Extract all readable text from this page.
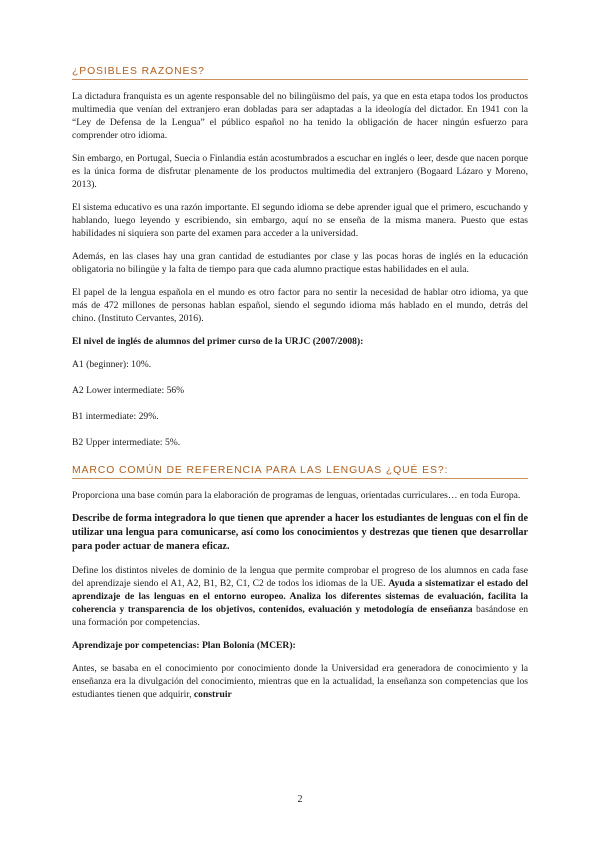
¿POSIBLES RAZONES?

La dictadura franquista es un agente responsable del no bilingüismo del país, ya que en esta etapa todos los productos multimedia que venían del extranjero eran dobladas para ser adaptadas a la ideología del dictador. En 1941 con la “Ley de Defensa de la Lengua” el público español no ha tenido la obligación de hacer ningún esfuerzo para comprender otro idioma.

Sin embargo, en Portugal, Suecia o Finlandia están acostumbrados a escuchar en inglés o leer, desde que nacen porque es la única forma de disfrutar plenamente de los productos multimedia del extranjero (Bogaard Lázaro y Moreno, 2013).

El sistema educativo es una razón importante. El segundo idioma se debe aprender igual que el primero, escuchando y hablando, luego leyendo y escribiendo, sin embargo, aquí no se enseña de la misma manera. Puesto que estas habilidades ni siquiera son parte del examen para acceder a la universidad.

Además, en las clases hay una gran cantidad de estudiantes por clase y las pocas horas de inglés en la educación obligatoria no bilingüe y la falta de tiempo para que cada alumno practique estas habilidades en el aula.

El papel de la lengua española en el mundo es otro factor para no sentir la necesidad de hablar otro idioma, ya que más de 472 millones de personas hablan español, siendo el segundo idioma más hablado en el mundo, detrás del chino. (Instituto Cervantes, 2016).

El nivel de inglés de alumnos del primer curso de la URJC (2007/2008):

A1 (beginner): 10%.

A2 Lower intermediate: 56%

B1 intermediate: 29%.

B2 Upper intermediate: 5%.

MARCO COMÚN DE REFERENCIA PARA LAS LENGUAS ¿QUÉ ES?:

Proporciona una base común para la elaboración de programas de lenguas, orientadas curriculares… en toda Europa.

Describe de forma integradora lo que tienen que aprender a hacer los estudiantes de lenguas con el fin de utilizar una lengua para comunicarse, así como los conocimientos y destrezas que tienen que desarrollar para poder actuar de manera eficaz.

Define los distintos niveles de dominio de la lengua que permite comprobar el progreso de los alumnos en cada fase del aprendizaje siendo el A1, A2, B1, B2, C1, C2 de todos los idiomas de la UE. Ayuda a sistematizar el estado del aprendizaje de las lenguas en el entorno europeo. Analiza los diferentes sistemas de evaluación, facilita la coherencia y transparencia de los objetivos, contenidos, evaluación y metodología de enseñanza basándose en una formación por competencias.

Aprendizaje por competencias: Plan Bolonia (MCER):

Antes, se basaba en el conocimiento por conocimiento donde la Universidad era generadora de conocimiento y la enseñanza era la divulgación del conocimiento, mientras que en la actualidad, la enseñanza son competencias que los estudiantes tienen que adquirir, construir

2
